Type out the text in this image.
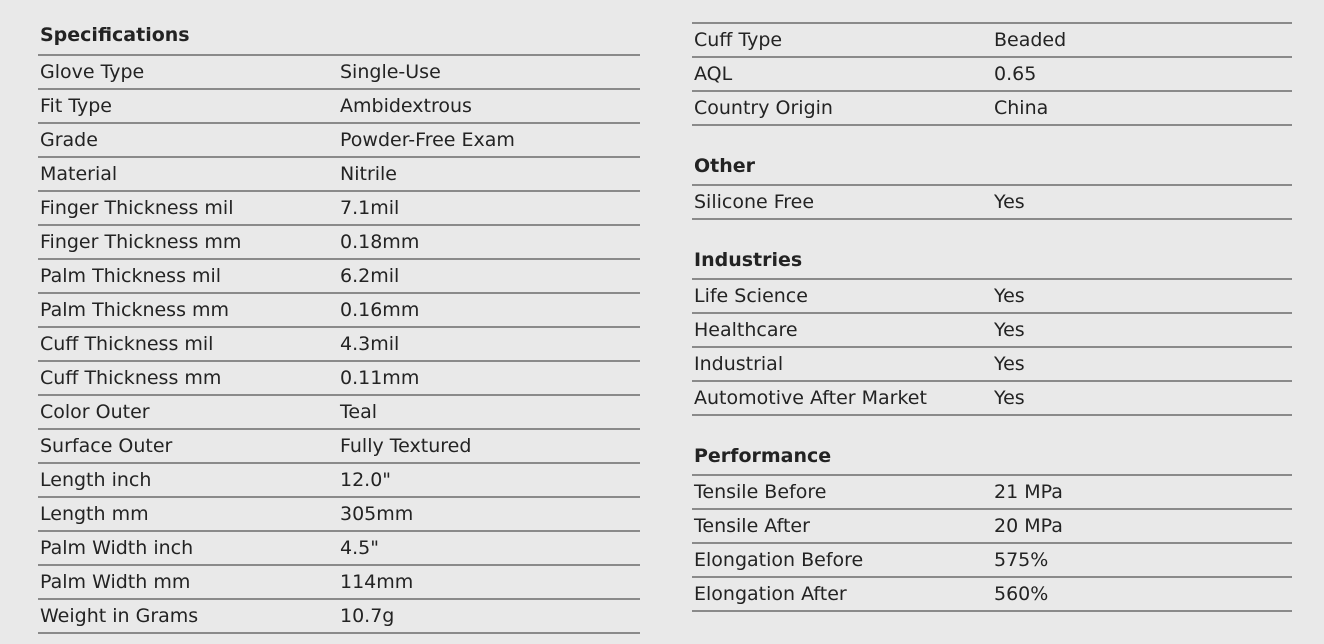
Specifications
Glove Type	Single-Use
Fit Type	Ambidextrous
Grade	Powder-Free Exam
Material	Nitrile
Finger Thickness mil	7.1mil
Finger Thickness mm	0.18mm
Palm Thickness mil	6.2mil
Palm Thickness mm	0.16mm
Cuff Thickness mil	4.3mil
Cuff Thickness mm	0.11mm
Color Outer	Teal
Surface Outer	Fully Textured
Length inch	12.0"
Length mm	305mm
Palm Width inch	4.5"
Palm Width mm	114mm
Weight in Grams	10.7g
Cuff Type	Beaded
AQL	0.65
Country Origin	China
Other
Silicone Free	Yes
Industries
Life Science	Yes
Healthcare	Yes
Industrial	Yes
Automotive After Market	Yes
Performance
Tensile Before	21 MPa
Tensile After	20 MPa
Elongation Before	575%
Elongation After	560%
